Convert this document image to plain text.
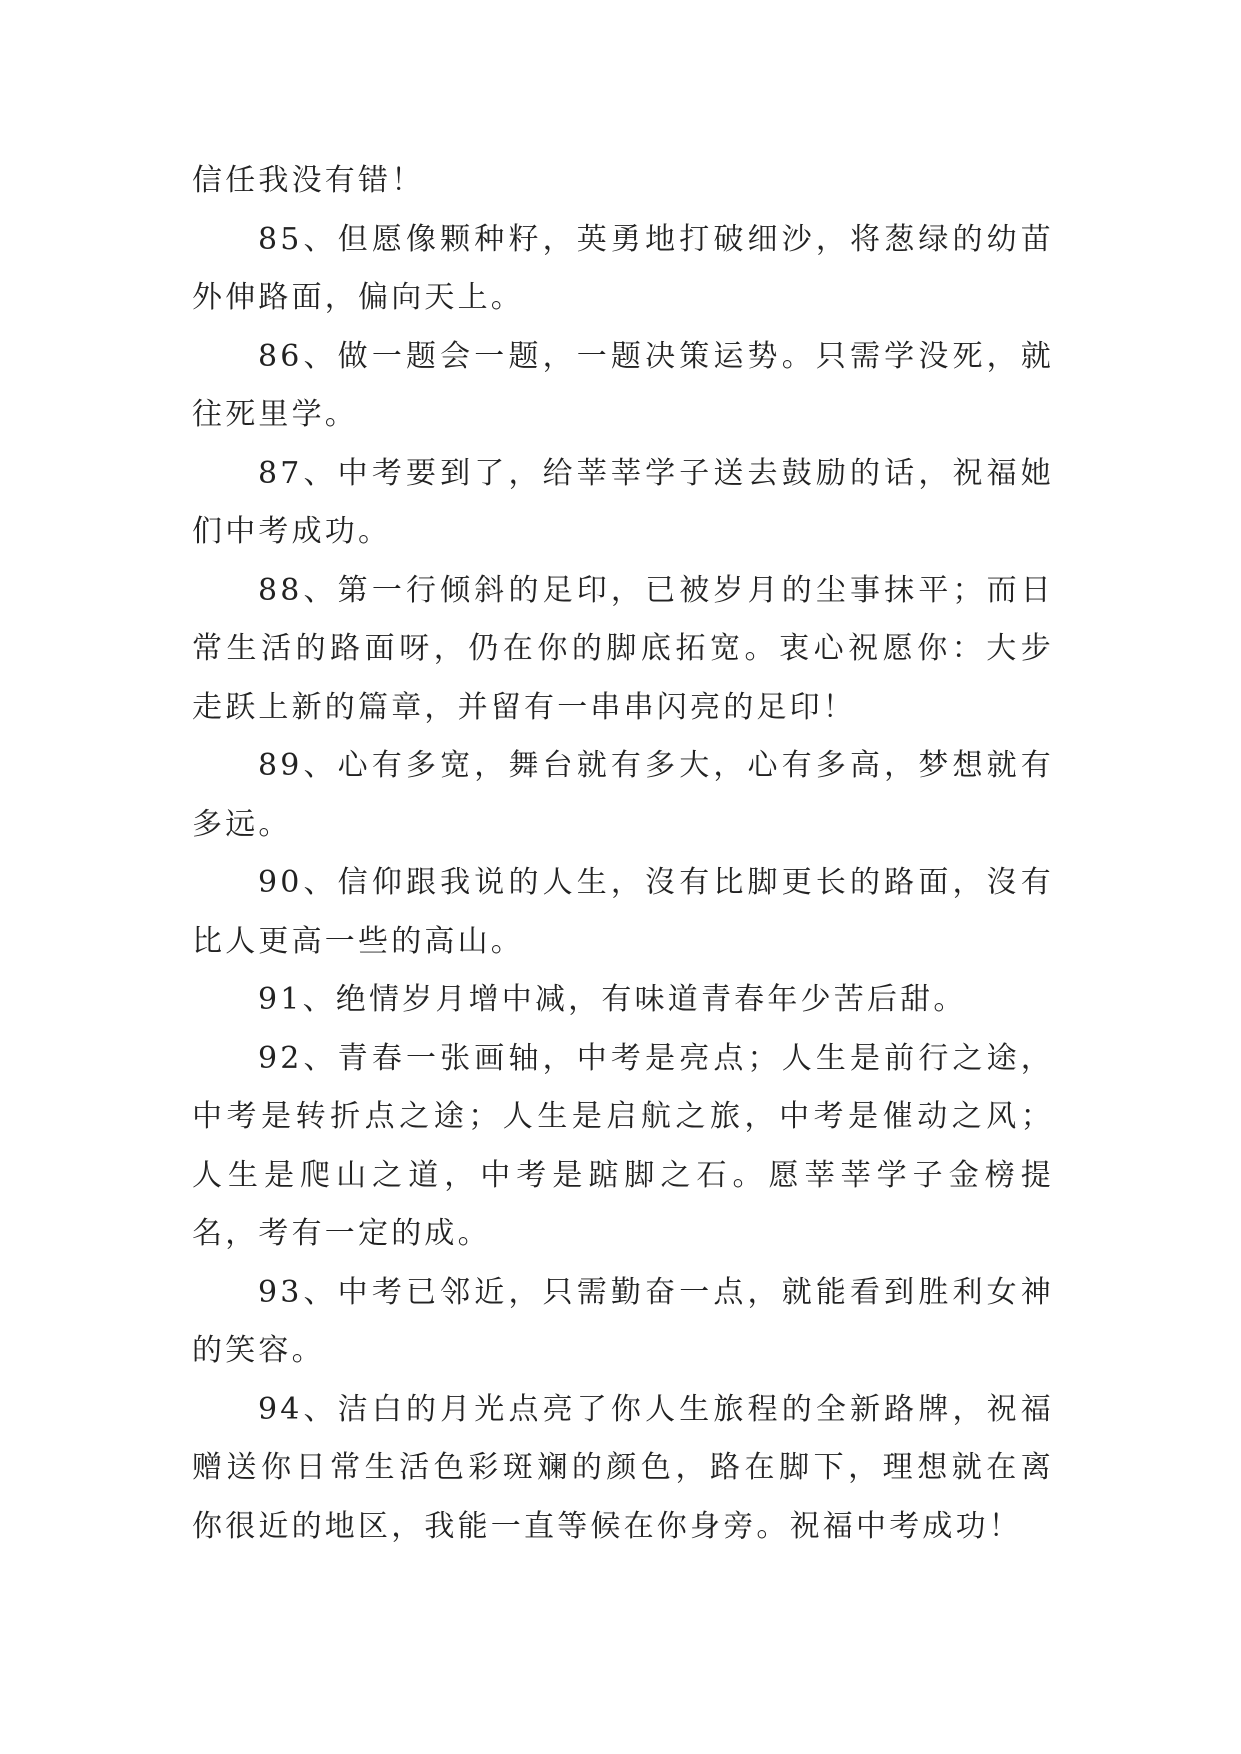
信任我没有错！

85、但愿像颗种籽，英勇地打破细沙，将葱绿的幼苗外伸路面，偏向天上。

86、做一题会一题，一题决策运势。只需学没死，就往死里学。

87、中考要到了，给莘莘学子送去鼓励的话，祝福她们中考成功。

88、第一行倾斜的足印，已被岁月的尘事抹平；而日常生活的路面呀，仍在你的脚底拓宽。衷心祝愿你：大步走跃上新的篇章，并留有一串串闪亮的足印！

89、心有多宽，舞台就有多大，心有多高，梦想就有多远。

90、信仰跟我说的人生，沒有比脚更长的路面，沒有比人更高一些的高山。

91、绝情岁月增中减，有味道青春年少苦后甜。

92、青春一张画轴，中考是亮点；人生是前行之途，中考是转折点之途；人生是启航之旅，中考是催动之风；人生是爬山之道，中考是踮脚之石。愿莘莘学子金榜提名，考有一定的成。

93、中考已邻近，只需勤奋一点，就能看到胜利女神的笑容。

94、洁白的月光点亮了你人生旅程的全新路牌，祝福赠送你日常生活色彩斑斓的颜色，路在脚下，理想就在离你很近的地区，我能一直等候在你身旁。祝福中考成功！
